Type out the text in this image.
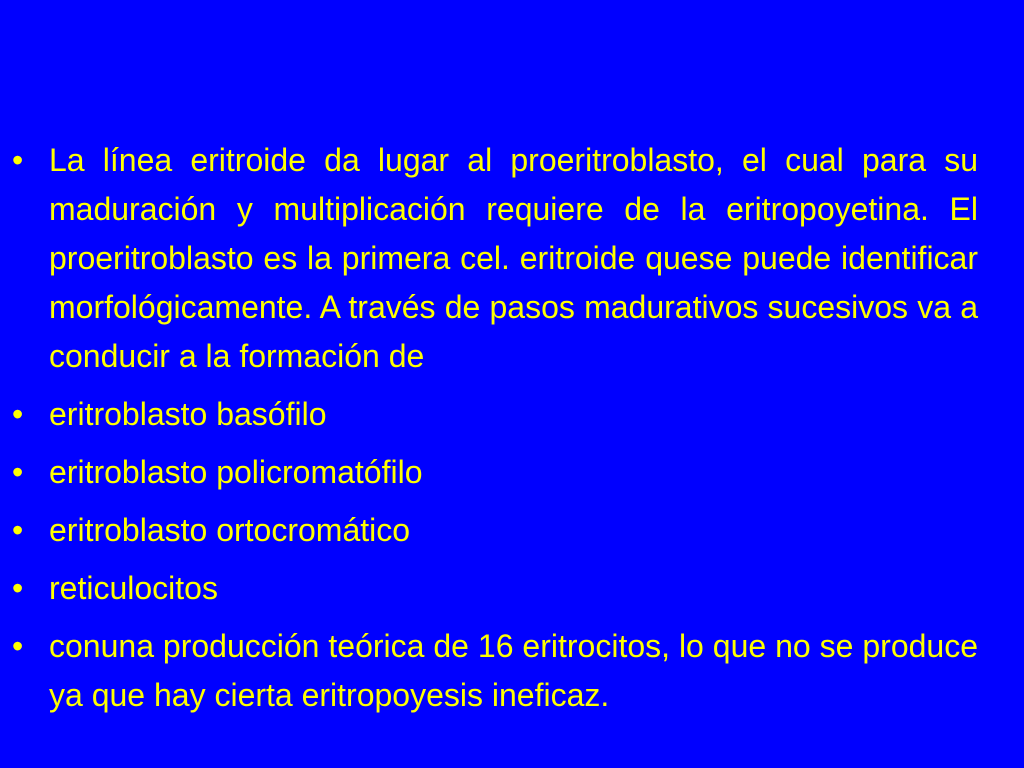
• La línea eritroide da lugar al proeritroblasto, el cual para su maduración y multiplicación requiere de la eritropoyetina. El proeritroblasto es la primera cel. eritroide quese puede identificar morfológicamente. A través de pasos madurativos sucesivos va a conducir a la formación de
• eritroblasto basófilo
• eritroblasto policromatófilo
• eritroblasto ortocromático
• reticulocitos
• conuna producción teórica de 16 eritrocitos, lo que no se produce ya que hay cierta eritropoyesis ineficaz.
